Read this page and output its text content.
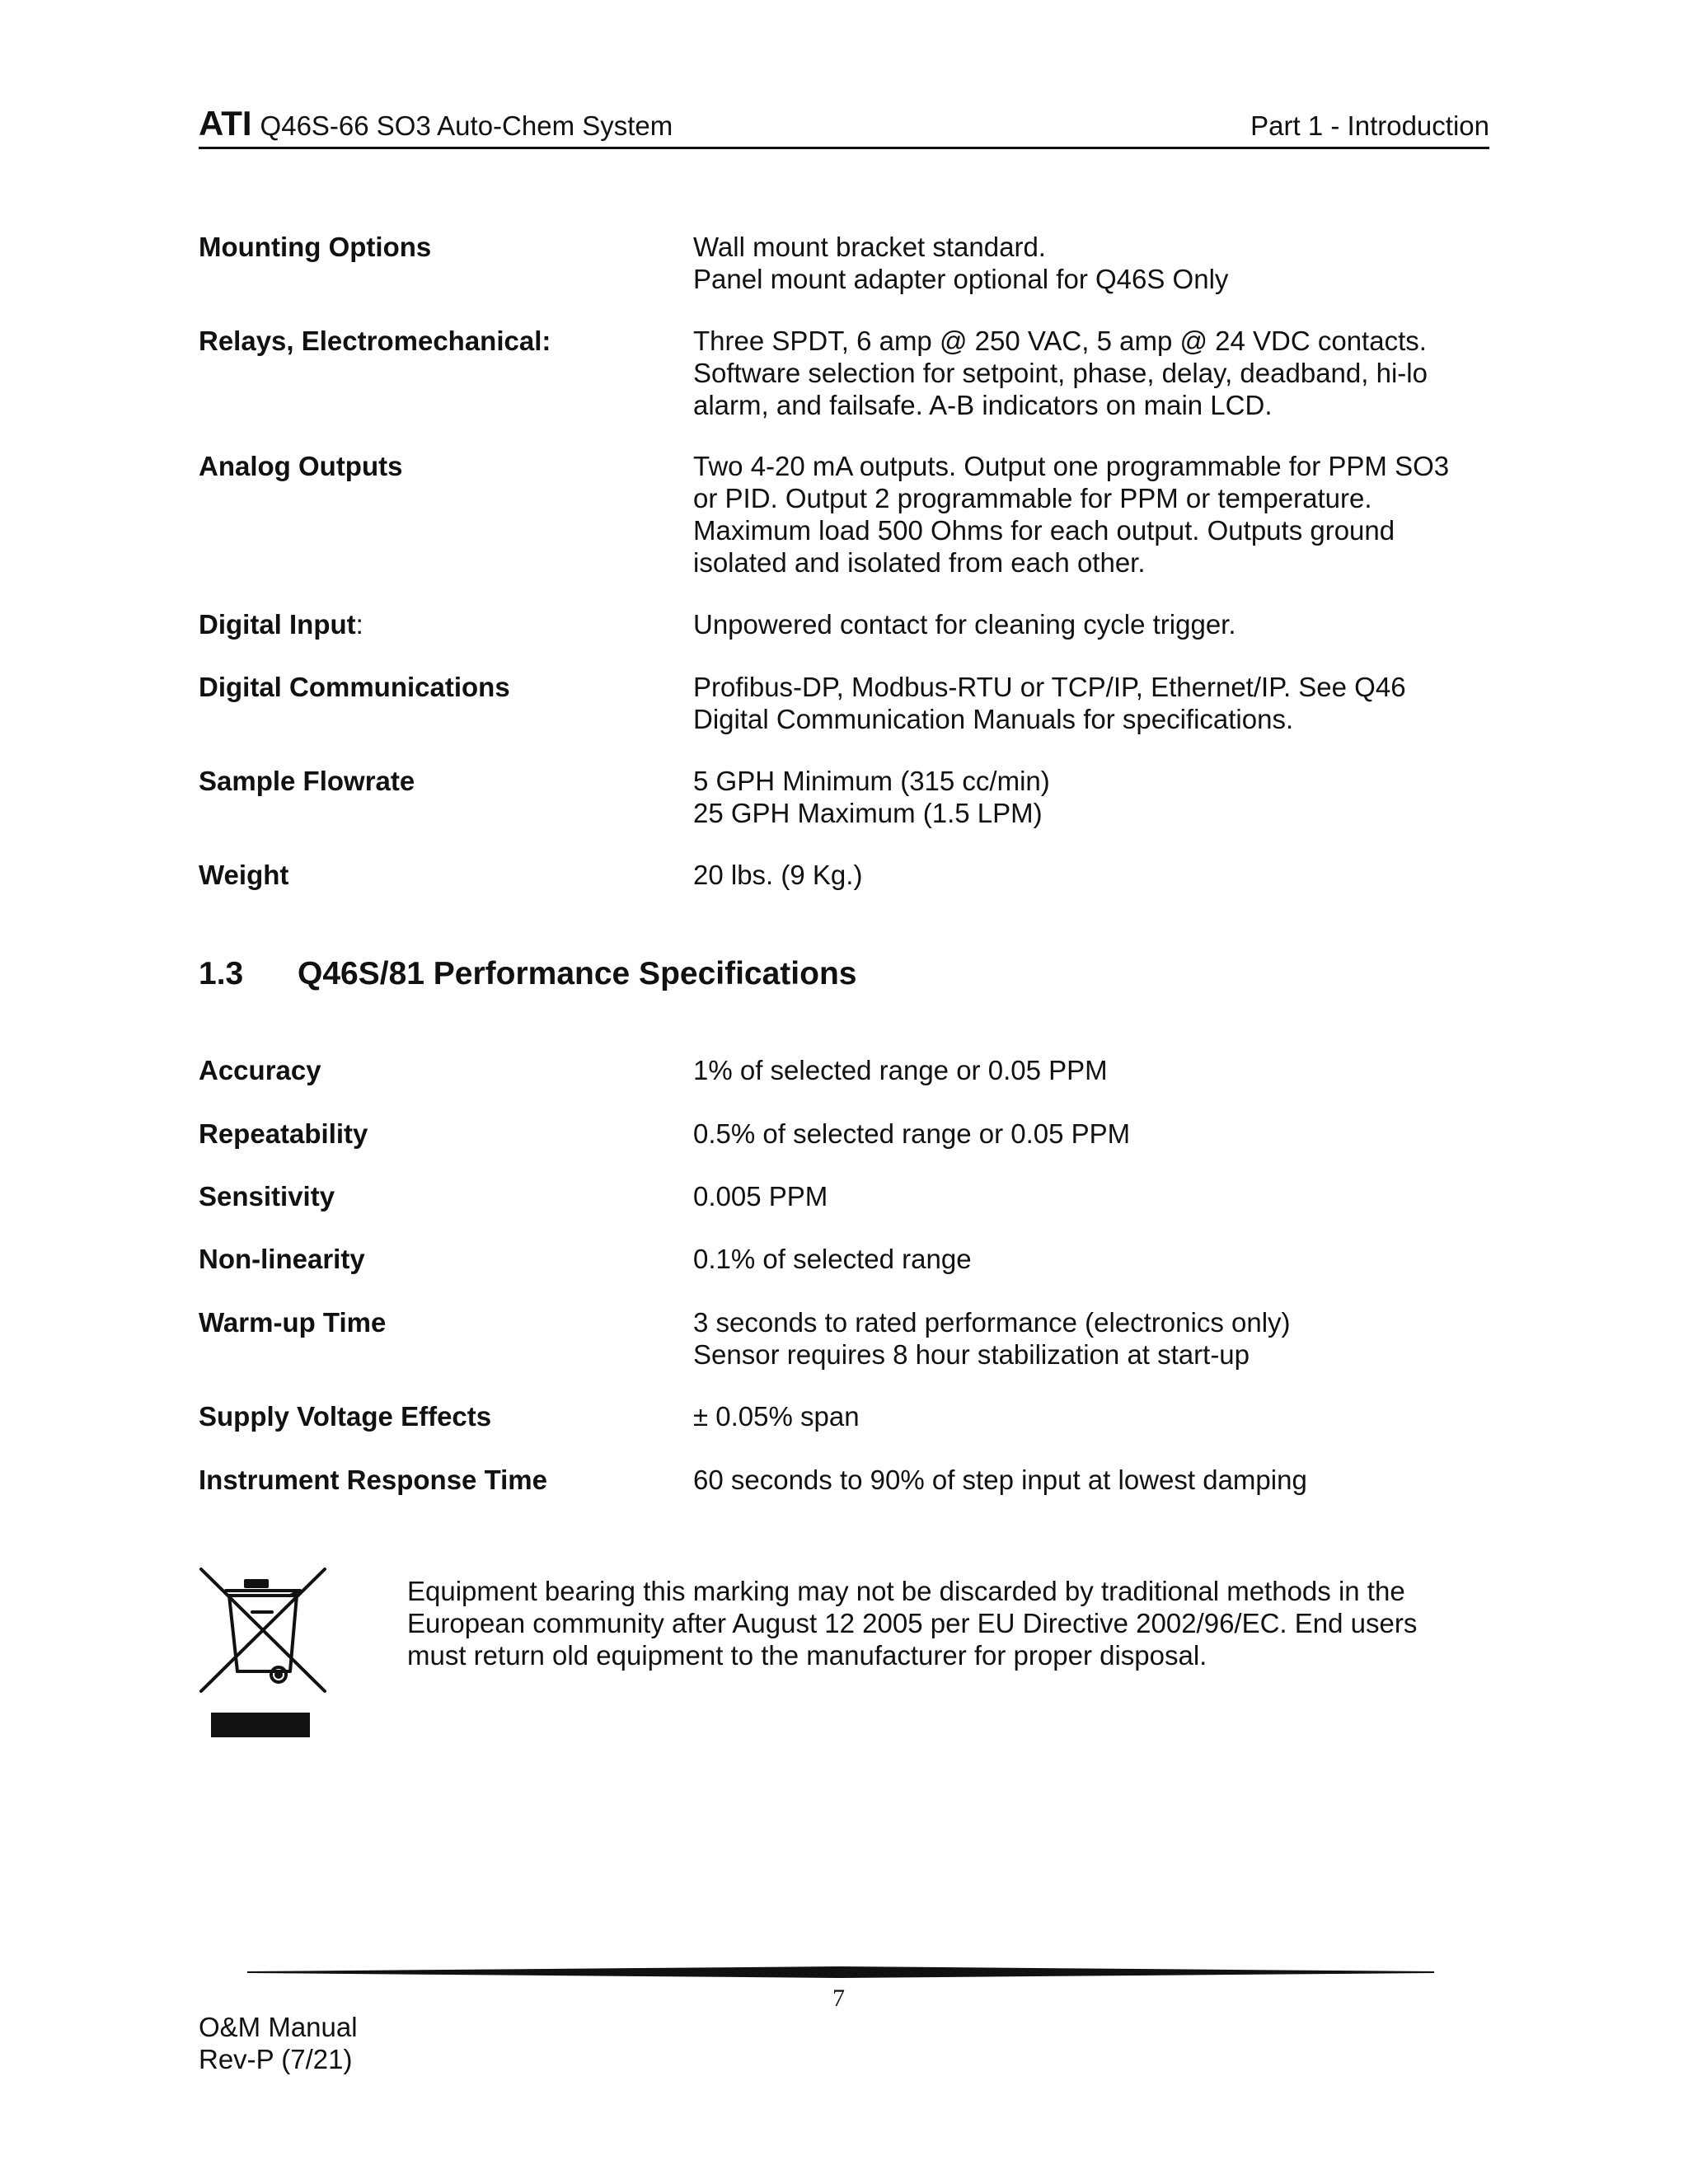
ATI Q46S-66 SO3 Auto-Chem System	Part 1 - Introduction
Mounting Options	Wall mount bracket standard.
Panel mount adapter optional for Q46S Only
Relays, Electromechanical:	Three SPDT, 6 amp @ 250 VAC, 5 amp @ 24 VDC contacts.
Software selection for setpoint, phase, delay, deadband, hi-lo
alarm, and failsafe. A-B indicators on main LCD.
Analog Outputs	Two 4-20 mA outputs. Output one programmable for PPM SO3
or PID. Output 2 programmable for PPM or temperature.
Maximum load 500 Ohms for each output. Outputs ground
isolated and isolated from each other.
Digital Input:	Unpowered contact for cleaning cycle trigger.
Digital Communications	Profibus-DP, Modbus-RTU or TCP/IP, Ethernet/IP. See Q46
Digital Communication Manuals for specifications.
Sample Flowrate	5 GPH Minimum (315 cc/min)
25 GPH Maximum (1.5 LPM)
Weight	20 lbs. (9 Kg.)
1.3 Q46S/81 Performance Specifications
Accuracy	1% of selected range or 0.05 PPM
Repeatability	0.5% of selected range or 0.05 PPM
Sensitivity	0.005 PPM
Non-linearity	0.1% of selected range
Warm-up Time	3 seconds to rated performance (electronics only)
Sensor requires 8 hour stabilization at start-up
Supply Voltage Effects	± 0.05% span
Instrument Response Time	60 seconds to 90% of step input at lowest damping
Equipment bearing this marking may not be discarded by traditional methods in the
European community after August 12 2005 per EU Directive 2002/96/EC. End users
must return old equipment to the manufacturer for proper disposal.
7
O&M Manual
Rev-P (7/21)
